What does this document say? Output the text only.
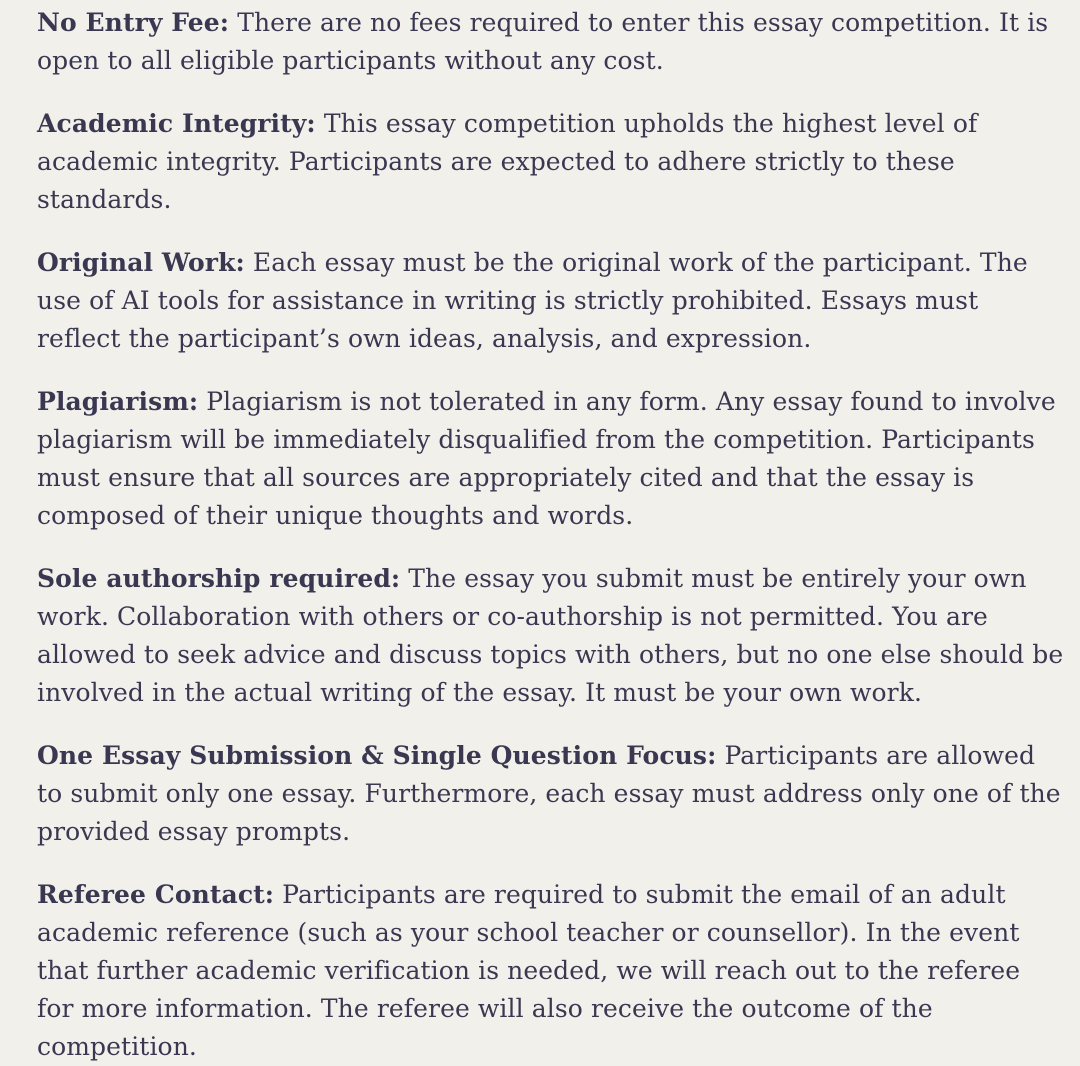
No Entry Fee: There are no fees required to enter this essay competition. It is open to all eligible participants without any cost.

Academic Integrity: This essay competition upholds the highest level of academic integrity. Participants are expected to adhere strictly to these standards.

Original Work: Each essay must be the original work of the participant. The use of AI tools for assistance in writing is strictly prohibited. Essays must reflect the participant’s own ideas, analysis, and expression.

Plagiarism: Plagiarism is not tolerated in any form. Any essay found to involve plagiarism will be immediately disqualified from the competition. Participants must ensure that all sources are appropriately cited and that the essay is composed of their unique thoughts and words.

Sole authorship required: The essay you submit must be entirely your own work. Collaboration with others or co-authorship is not permitted. You are allowed to seek advice and discuss topics with others, but no one else should be involved in the actual writing of the essay. It must be your own work.

One Essay Submission & Single Question Focus: Participants are allowed to submit only one essay. Furthermore, each essay must address only one of the provided essay prompts.

Referee Contact: Participants are required to submit the email of an adult academic reference (such as your school teacher or counsellor). In the event that further academic verification is needed, we will reach out to the referee for more information. The referee will also receive the outcome of the competition.
